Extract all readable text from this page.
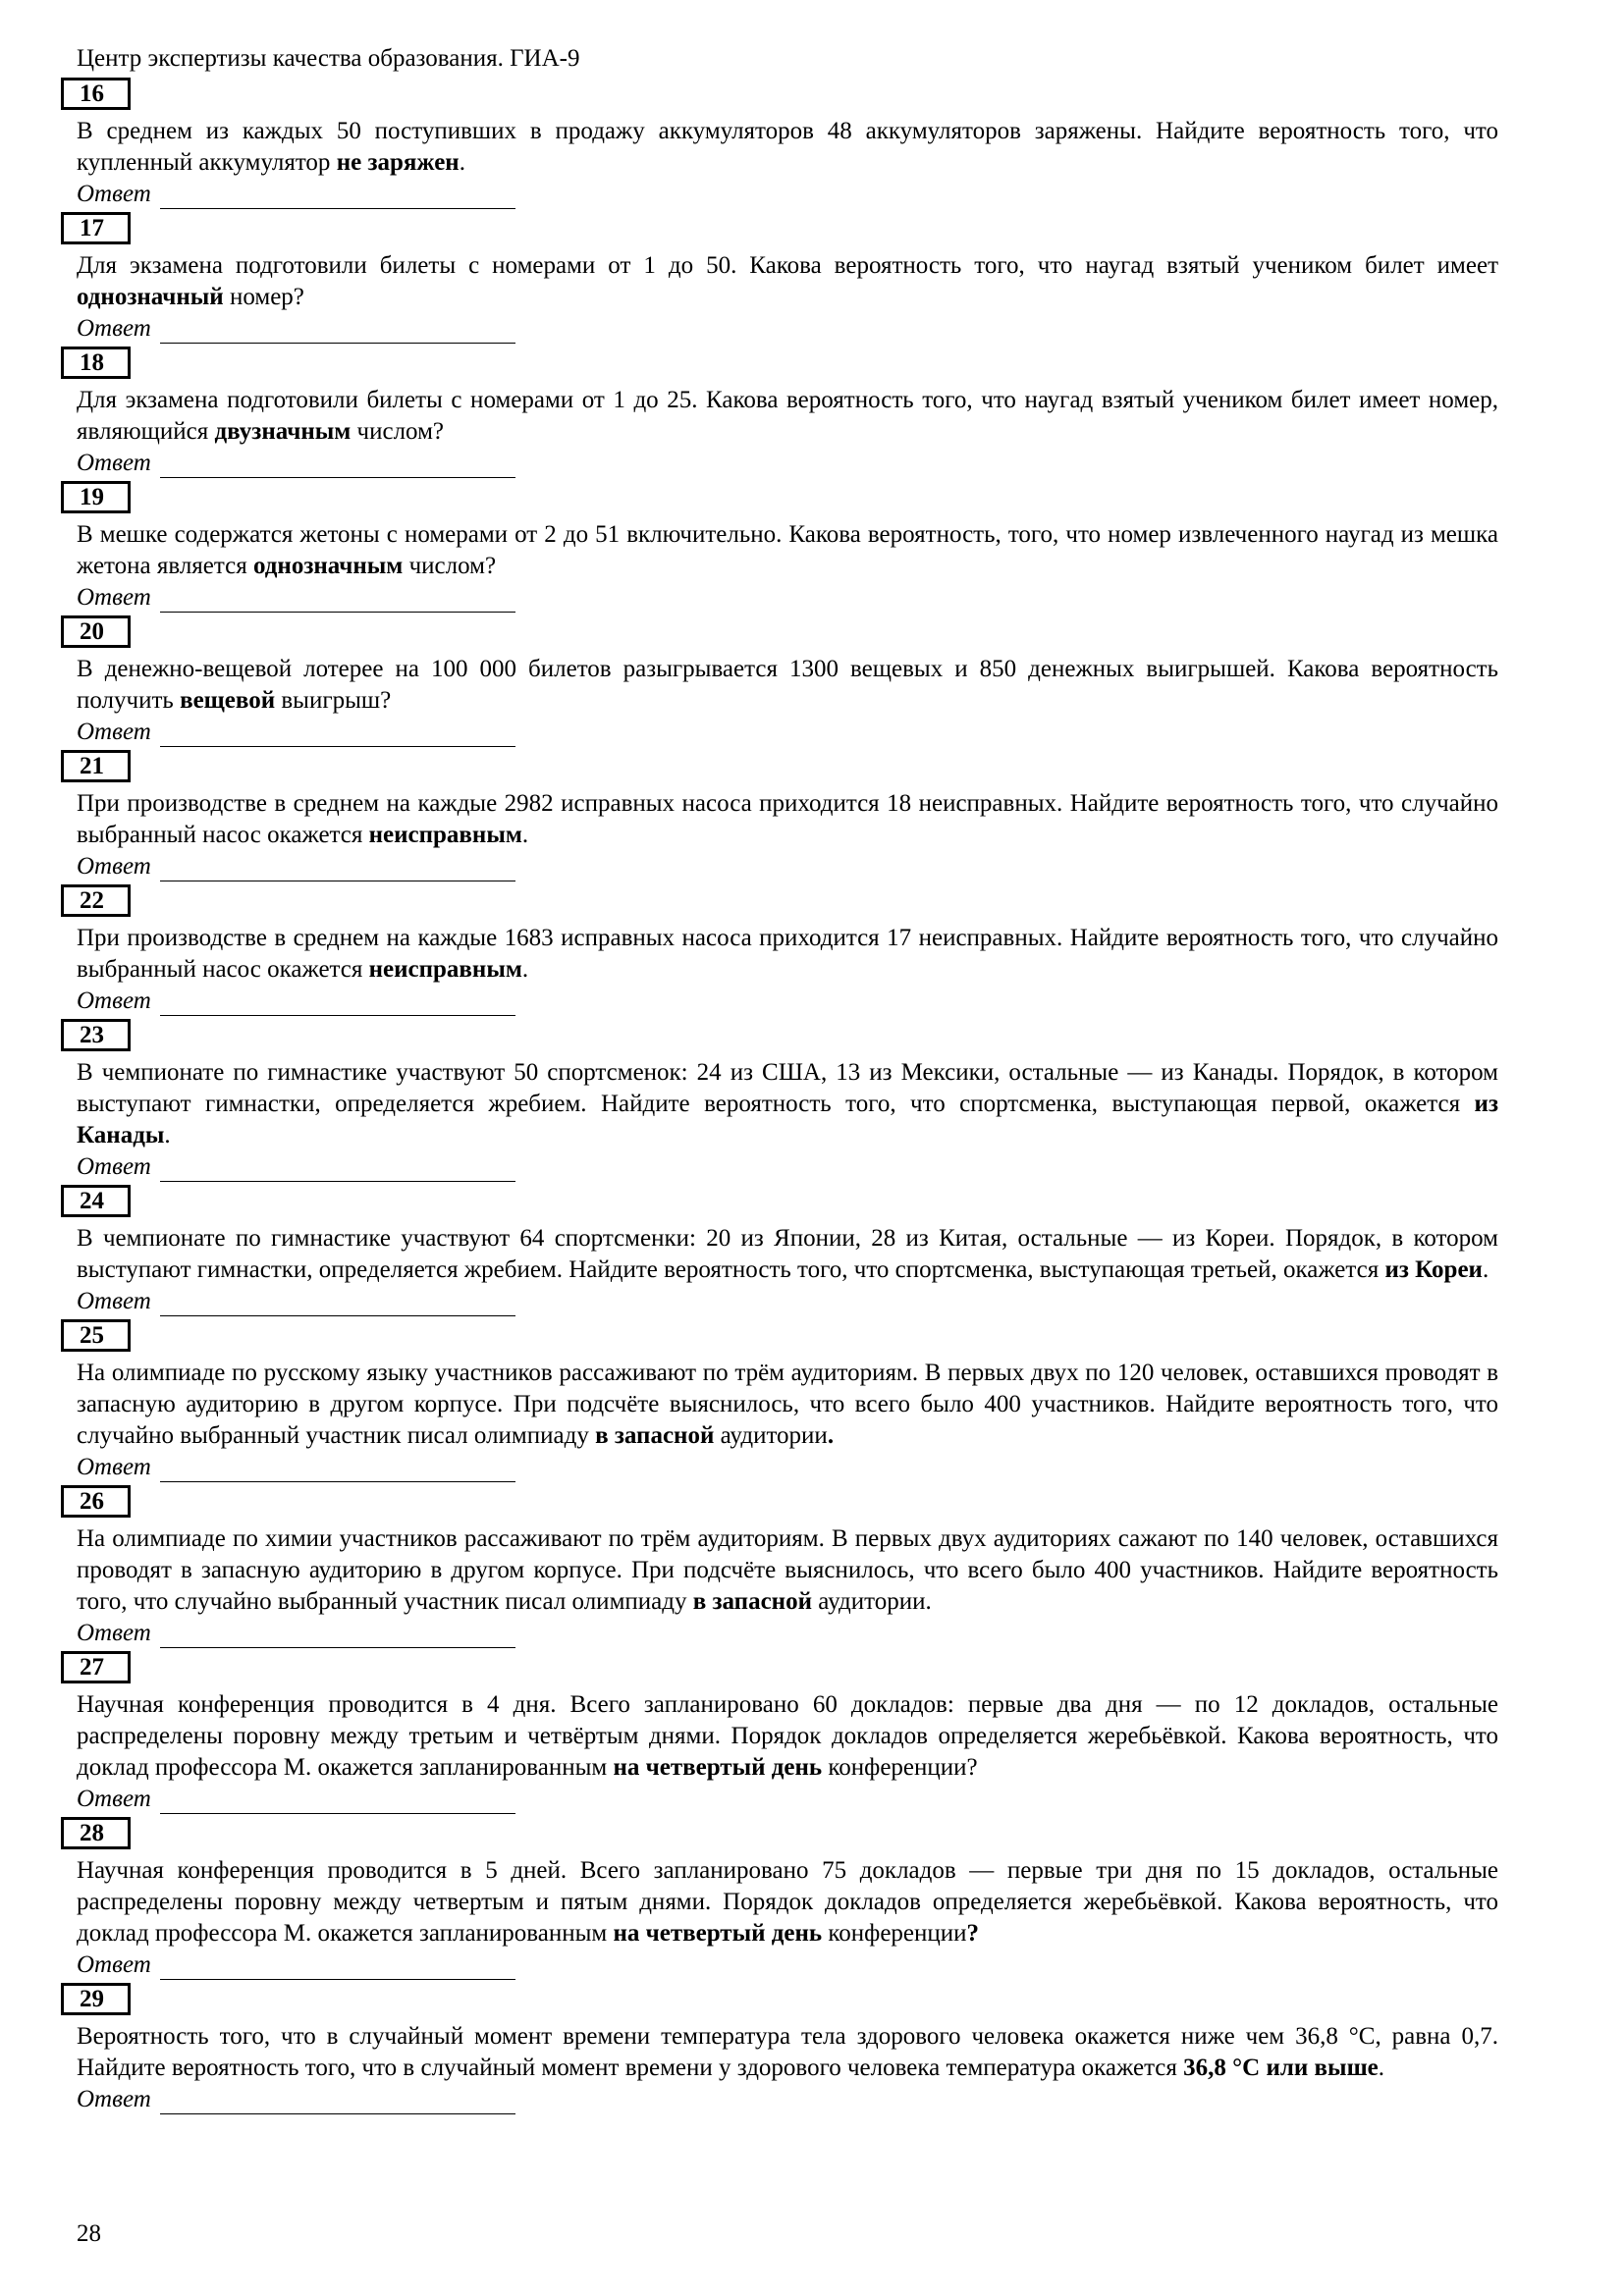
Центр экспертизы качества образования. ГИА-9
16
В среднем из каждых 50 поступивших в продажу аккумуляторов 48 аккумуляторов заряжены. Найдите вероятность того, что купленный аккумулятор не заряжен.
Ответ
17
Для экзамена подготовили билеты с номерами от 1 до 50. Какова вероятность того, что наугад взятый учеником билет имеет однозначный номер?
Ответ
18
Для экзамена подготовили билеты с номерами от 1 до 25. Какова вероятность того, что наугад взятый учеником билет имеет номер, являющийся двузначным числом?
Ответ
19
В мешке содержатся жетоны с номерами от 2 до 51 включительно. Какова вероятность, того, что номер извлеченного наугад из мешка жетона является однозначным числом?
Ответ
20
В денежно-вещевой лотерее на 100 000 билетов разыгрывается 1300 вещевых и 850 денежных выигрышей. Какова вероятность получить вещевой выигрыш?
Ответ
21
При производстве в среднем на каждые 2982 исправных насоса приходится 18 неисправных. Найдите вероятность того, что случайно выбранный насос окажется неисправным.
Ответ
22
При производстве в среднем на каждые 1683 исправных насоса приходится 17 неисправных. Найдите вероятность того, что случайно выбранный насос окажется неисправным.
Ответ
23
В чемпионате по гимнастике участвуют 50 спортсменок: 24 из США, 13 из Мексики, остальные — из Канады. Порядок, в котором выступают гимнастки, определяется жребием. Найдите вероятность того, что спортсменка, выступающая первой, окажется из Канады.
Ответ
24
В чемпионате по гимнастике участвуют 64 спортсменки: 20 из Японии, 28 из Китая, остальные — из Кореи. Порядок, в котором выступают гимнастки, определяется жребием. Найдите вероятность того, что спортсменка, выступающая третьей, окажется из Кореи.
Ответ
25
На олимпиаде по русскому языку участников рассаживают по трём аудиториям. В первых двух по 120 человек, оставшихся проводят в запасную аудиторию в другом корпусе. При подсчёте выяснилось, что всего было 400 участников. Найдите вероятность того, что случайно выбранный участник писал олимпиаду в запасной аудитории.
Ответ
26
На олимпиаде по химии участников рассаживают по трём аудиториям. В первых двух аудиториях сажают по 140 человек, оставшихся проводят в запасную аудиторию в другом корпусе. При подсчёте выяснилось, что всего было 400 участников. Найдите вероятность того, что случайно выбранный участник писал олимпиаду в запасной аудитории.
Ответ
27
Научная конференция проводится в 4 дня. Всего запланировано 60 докладов: первые два дня — по 12 докладов, остальные распределены поровну между третьим и четвёртым днями. Порядок докладов определяется жеребьёвкой. Какова вероятность, что доклад профессора М. окажется запланированным на четвертый день конференции?
Ответ
28
Научная конференция проводится в 5 дней. Всего запланировано 75 докладов — первые три дня по 15 докладов, остальные распределены поровну между четвертым и пятым днями. Порядок докладов определяется жеребьёвкой. Какова вероятность, что доклад профессора М. окажется запланированным на четвертый день конференции?
Ответ
29
Вероятность того, что в случайный момент времени температура тела здорового человека окажется ниже чем 36,8 °С, равна 0,7. Найдите вероятность того, что в случайный момент времени у здорового человека температура окажется 36,8 °С или выше.
Ответ
28
